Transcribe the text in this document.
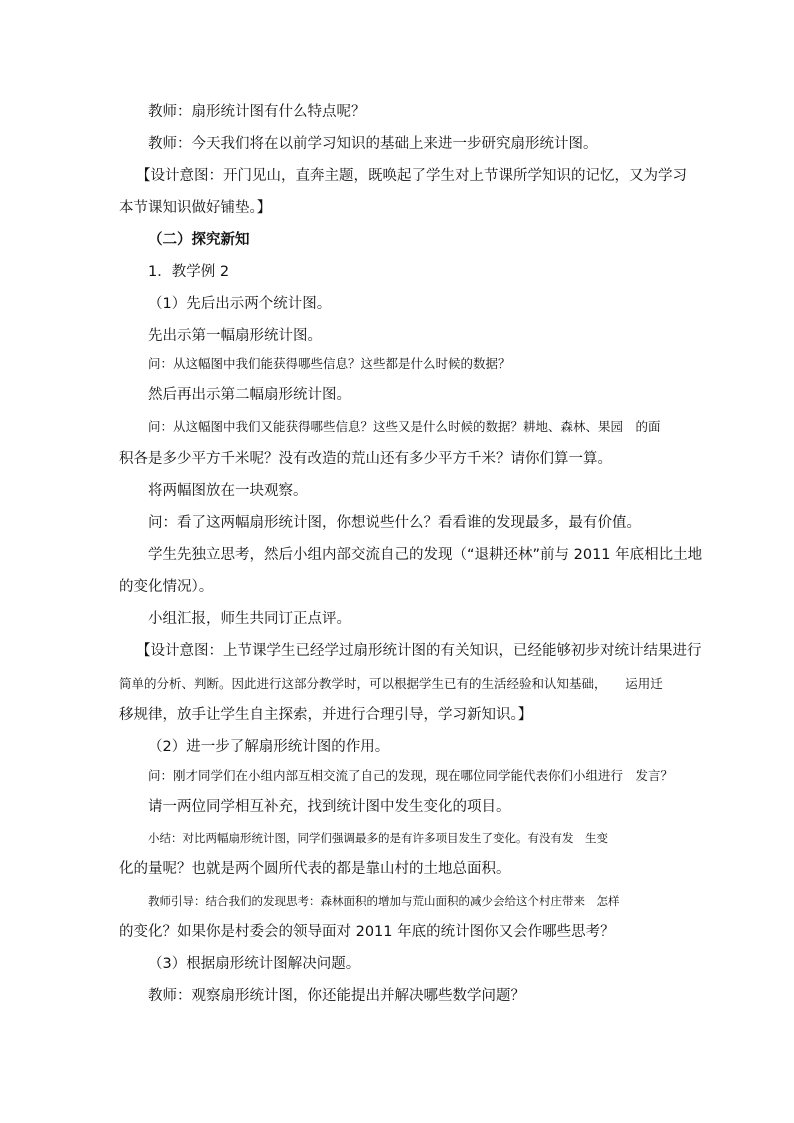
教师：扇形统计图有什么特点呢？
教师：今天我们将在以前学习知识的基础上来进一步研究扇形统计图。
【设计意图：开门见山，直奔主题，既唤起了学生对上节课所学知识的记忆，又为学习
本节课知识做好铺垫。】
（二）探究新知
1．教学例 2
（1）先后出示两个统计图。
先出示第一幅扇形统计图。
问：从这幅图中我们能获得哪些信息？这些都是什么时候的数据？
然后再出示第二幅扇形统计图。
问：从这幅图中我们又能获得哪些信息？这些又是什么时候的数据？耕地、森林、果园　的面
积各是多少平方千米呢？没有改造的荒山还有多少平方千米？请你们算一算。
将两幅图放在一块观察。
问：看了这两幅扇形统计图，你想说些什么？看看谁的发现最多，最有价值。
学生先独立思考，然后小组内部交流自己的发现（“退耕还林”前与 2011 年底相比土地
的变化情况）。
小组汇报，师生共同订正点评。
【设计意图：上节课学生已经学过扇形统计图的有关知识，已经能够初步对统计结果进行
简单的分析、判断。因此进行这部分教学时，可以根据学生已有的生活经验和认知基础，　　运用迁
移规律，放手让学生自主探索，并进行合理引导，学习新知识。】
（2）进一步了解扇形统计图的作用。
问：刚才同学们在小组内部互相交流了自己的发现，现在哪位同学能代表你们小组进行　发言？
请一两位同学相互补充，找到统计图中发生变化的项目。
小结：对比两幅扇形统计图，同学们强调最多的是有许多项目发生了变化。有没有发　生变
化的量呢？也就是两个圆所代表的都是靠山村的土地总面积。
教师引导：结合我们的发现思考：森林面积的增加与荒山面积的减少会给这个村庄带来　怎样
的变化？如果你是村委会的领导面对 2011 年底的统计图你又会作哪些思考？
（3）根据扇形统计图解决问题。
教师：观察扇形统计图，你还能提出并解决哪些数学问题？
